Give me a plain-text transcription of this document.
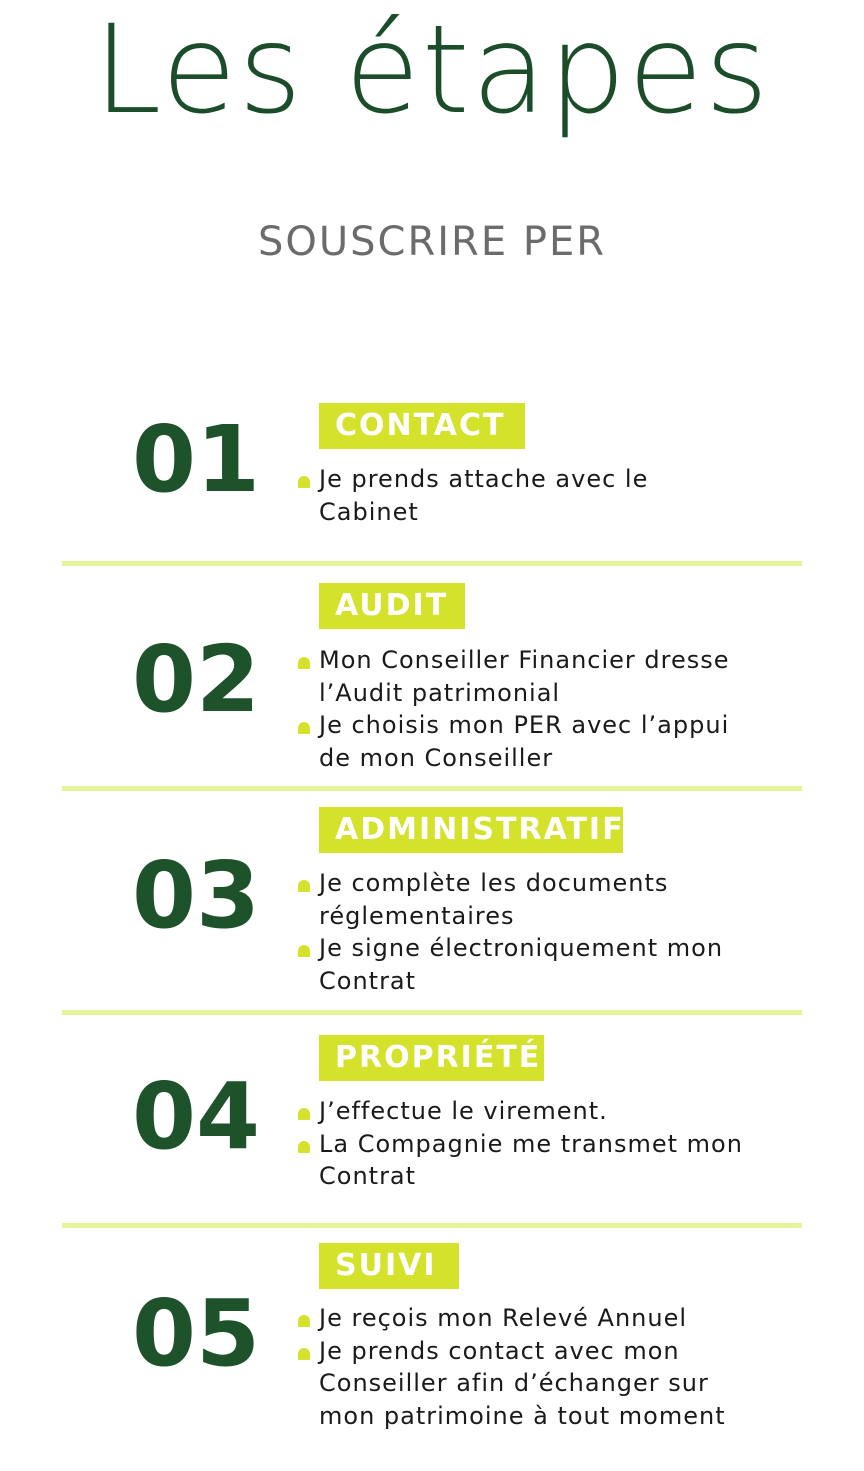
Les étapes
SOUSCRIRE PER
01	CONTACT
Je prends attache avec le Cabinet
02
AUDIT
Mon Conseiller Financier dresse l’Audit patrimonial
Je choisis mon PER avec l’appui de mon Conseiller
03
ADMINISTRATIF
Je complète les documents réglementaires
Je signe électroniquement mon Contrat
04
PROPRIÉTÉ
J’effectue le virement.
La Compagnie me transmet mon Contrat
05
SUIVI
Je reçois mon Relevé Annuel
Je prends contact avec mon Conseiller afin d’échanger sur mon patrimoine à tout moment
